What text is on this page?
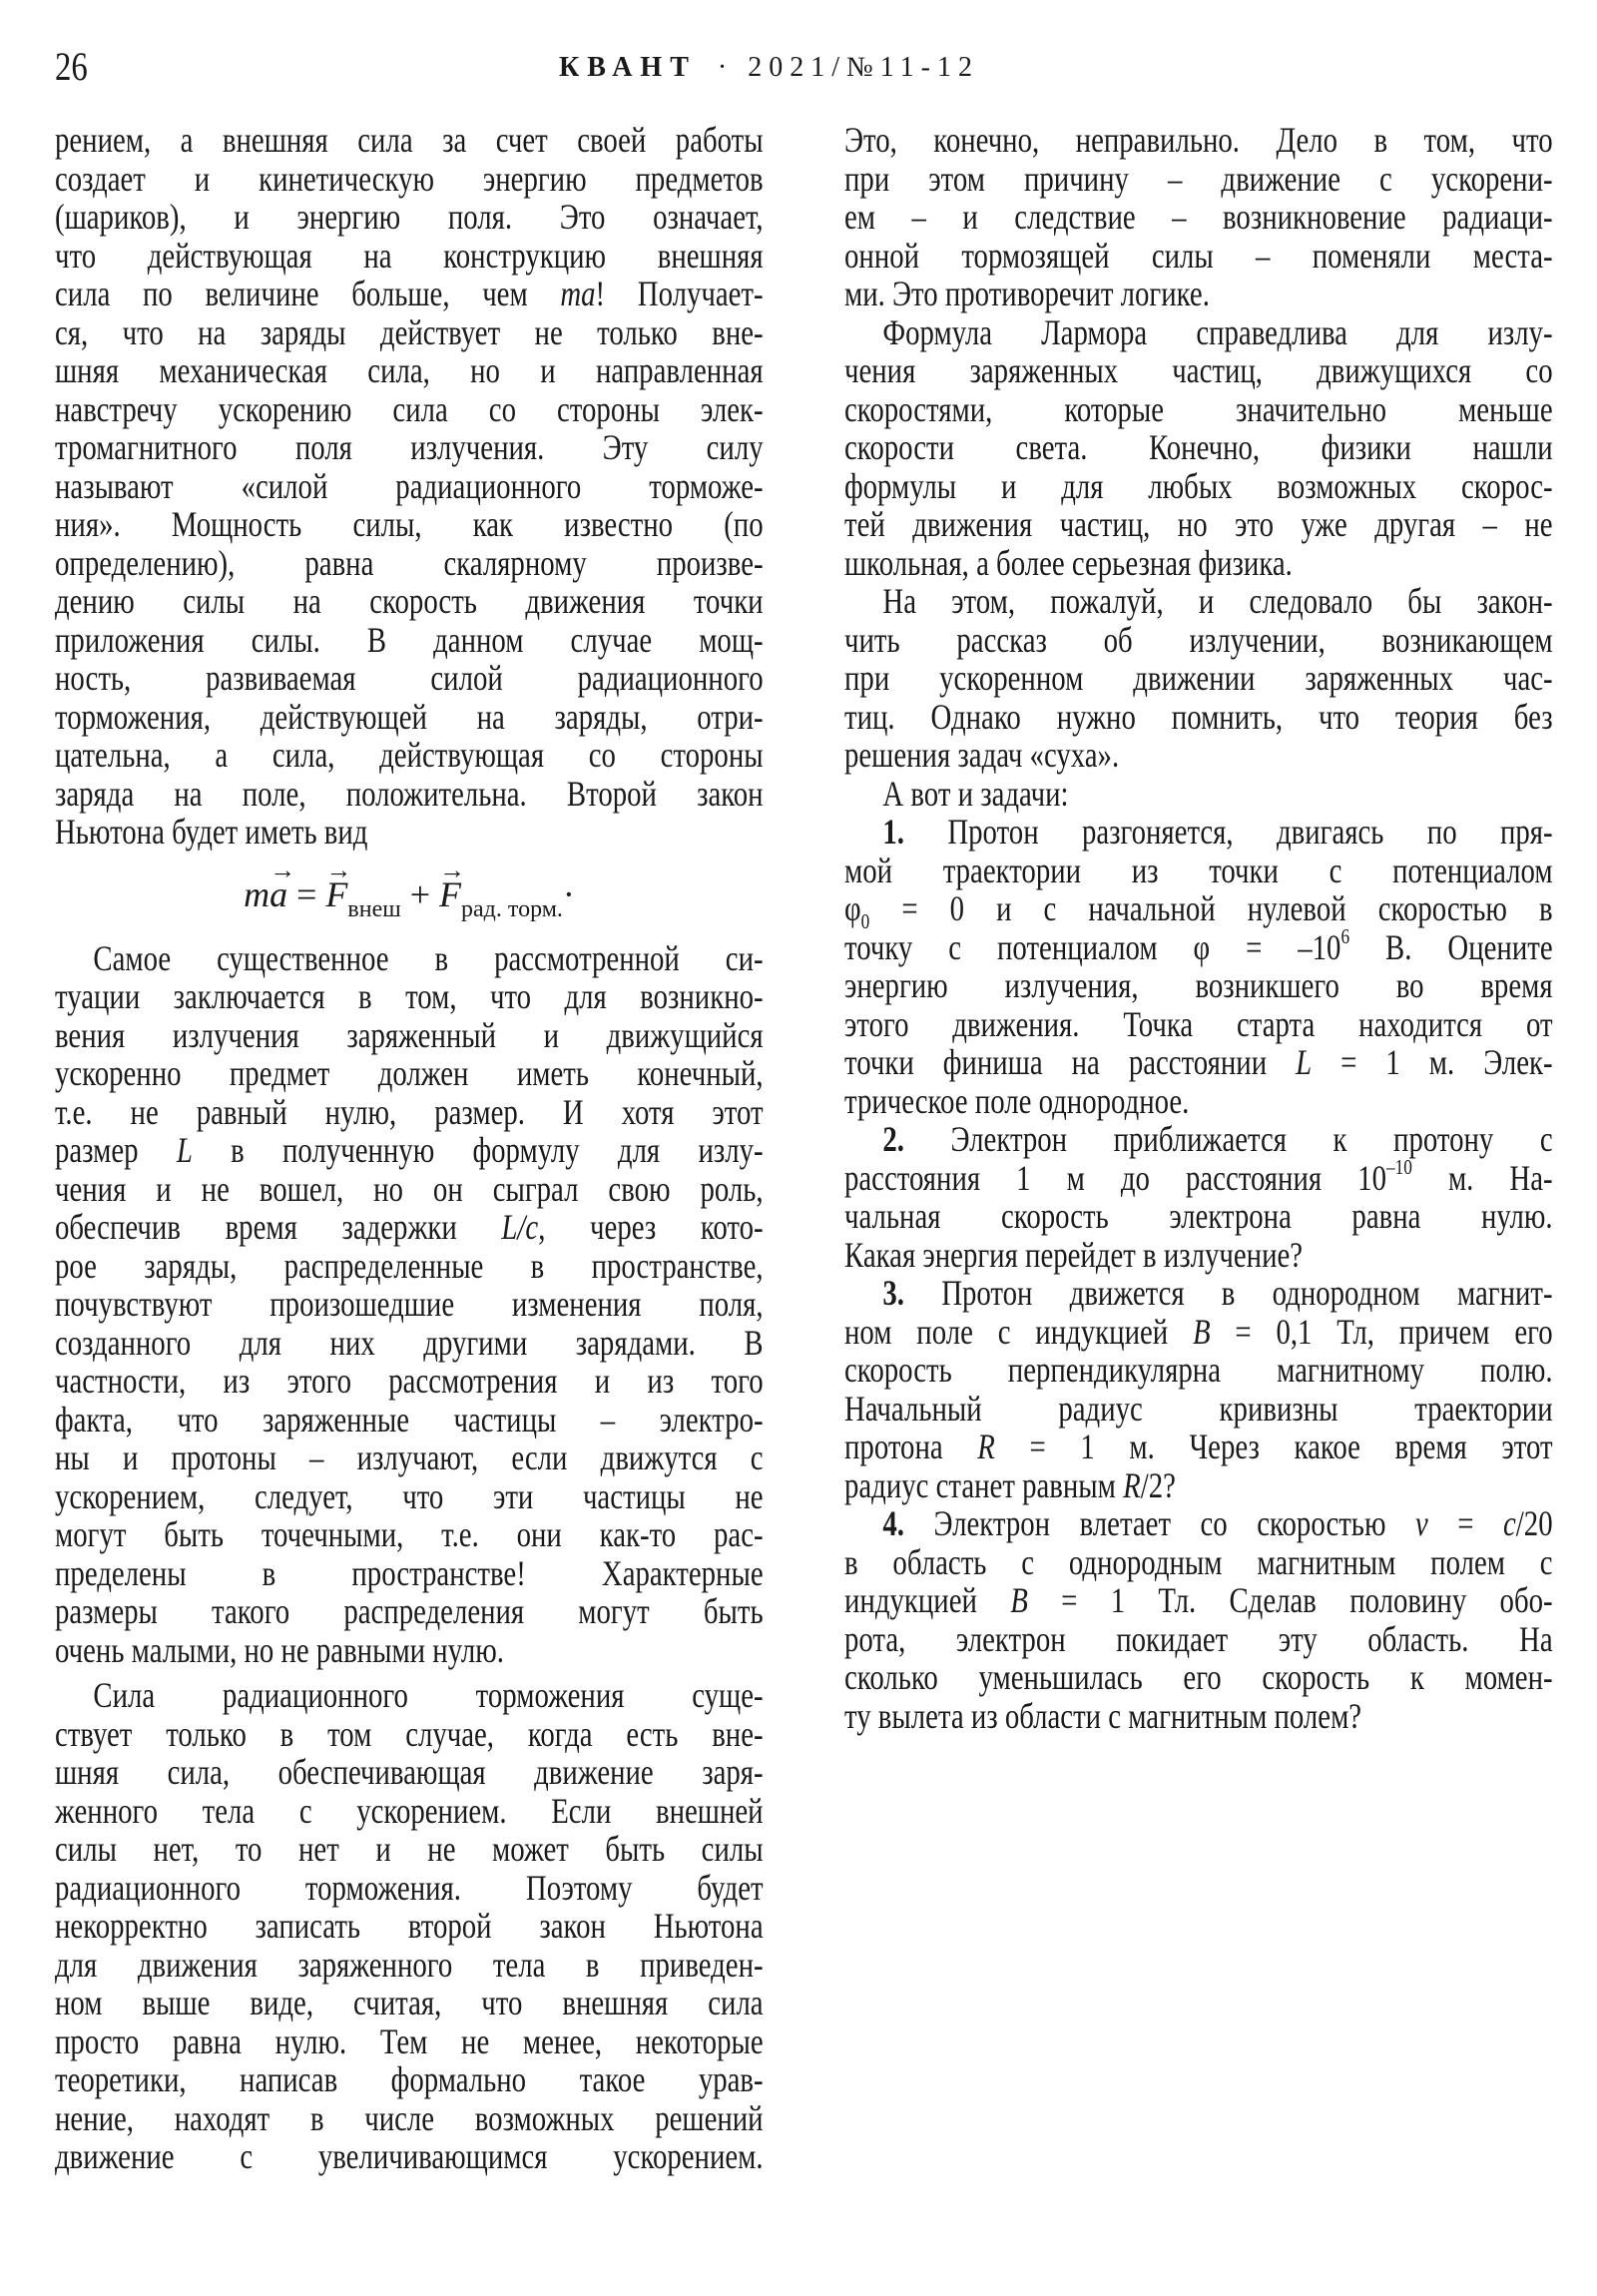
26	КВАНТ · 2021/№11-12
рением, а внешняя сила за счет своей работы
создает и кинетическую энергию предметов
(шариков), и энергию поля. Это означает,
что действующая на конструкцию внешняя
сила по величине больше, чем ma! Получает-
ся, что на заряды действует не только вне-
шняя механическая сила, но и направленная
навстречу ускорению сила со стороны элек-
тромагнитного поля излучения. Эту силу
называют «силой радиационного торможе-
ния». Мощность силы, как известно (по
определению), равна скалярному произве-
дению силы на скорость движения точки
приложения силы. В данном случае мощ-
ность, развиваемая силой радиационного
торможения, действующей на заряды, отри-
цательна, а сила, действующая со стороны
заряда на поле, положительна. Второй закон
Ньютона будет иметь вид
m→ a = → $F_{внеш}$ + → $F_{рад. торм.}\cdot$
Самое существенное в рассмотренной си-
туации заключается в том, что для возникно-
вения излучения заряженный и движущийся
ускоренно предмет должен иметь конечный,
т.е. не равный нулю, размер. И хотя этот
размер L в полученную формулу для излу-
чения и не вошел, но он сыграл свою роль,
обеспечив время задержки L/c, через кото-
рое заряды, распределенные в пространстве,
почувствуют произошедшие изменения поля,
созданного для них другими зарядами. В
частности, из этого рассмотрения и из того
факта, что заряженные частицы – электро-
ны и протоны – излучают, если движутся с
ускорением, следует, что эти частицы не
могут быть точечными, т.е. они как-то рас-
пределены в пространстве! Характерные
размеры такого распределения могут быть
очень малыми, но не равными нулю.
Сила радиационного торможения суще-
ствует только в том случае, когда есть вне-
шняя сила, обеспечивающая движение заря-
женного тела с ускорением. Если внешней
силы нет, то нет и не может быть силы
радиационного торможения. Поэтому будет
некорректно записать второй закон Ньютона
для движения заряженного тела в приведен-
ном выше виде, считая, что внешняя сила
просто равна нулю. Тем не менее, некоторые
теоретики, написав формально такое урав-
нение, находят в числе возможных решений
движение с увеличивающимся ускорением.
Это, конечно, неправильно. Дело в том, что
при этом причину – движение с ускорени-
ем – и следствие – возникновение радиаци-
онной тормозящей силы – поменяли места-
ми. Это противоречит логике.
Формула Лармора справедлива для излу-
чения заряженных частиц, движущихся со
скоростями, которые значительно меньше
скорости света. Конечно, физики нашли
формулы и для любых возможных скорос-
тей движения частиц, но это уже другая – не
школьная, а более серьезная физика.
На этом, пожалуй, и следовало бы закон-
чить рассказ об излучении, возникающем
при ускоренном движении заряженных час-
тиц. Однако нужно помнить, что теория без
решения задач «суха».
А вот и задачи:
1. Протон разгоняется, двигаясь по пря-
мой траектории из точки с потенциалом
$\varphi_0 = 0$ и с начальной нулевой скоростью в
точку с потенциалом $\varphi = -10^6$ В. Оцените
энергию излучения, возникшего во время
этого движения. Точка старта находится от
точки финиша на расстоянии L = 1 м. Элек-
трическое поле однородное.
2. Электрон приближается к протону с
расстояния 1 м до расстояния $10^{-10}$ м. На-
чальная скорость электрона равна нулю.
Какая энергия перейдет в излучение?
3. Протон движется в однородном магнит-
ном поле с индукцией B = 0,1 Тл, причем его
скорость перпендикулярна магнитному полю.
Начальный радиус кривизны траектории
протона R = 1 м. Через какое время этот
радиус станет равным R/2?
4. Электрон влетает со скоростью v = c/20
в область с однородным магнитным полем с
индукцией B = 1 Тл. Сделав половину обо-
рота, электрон покидает эту область. На
сколько уменьшилась его скорость к момен-
ту вылета из области с магнитным полем?
